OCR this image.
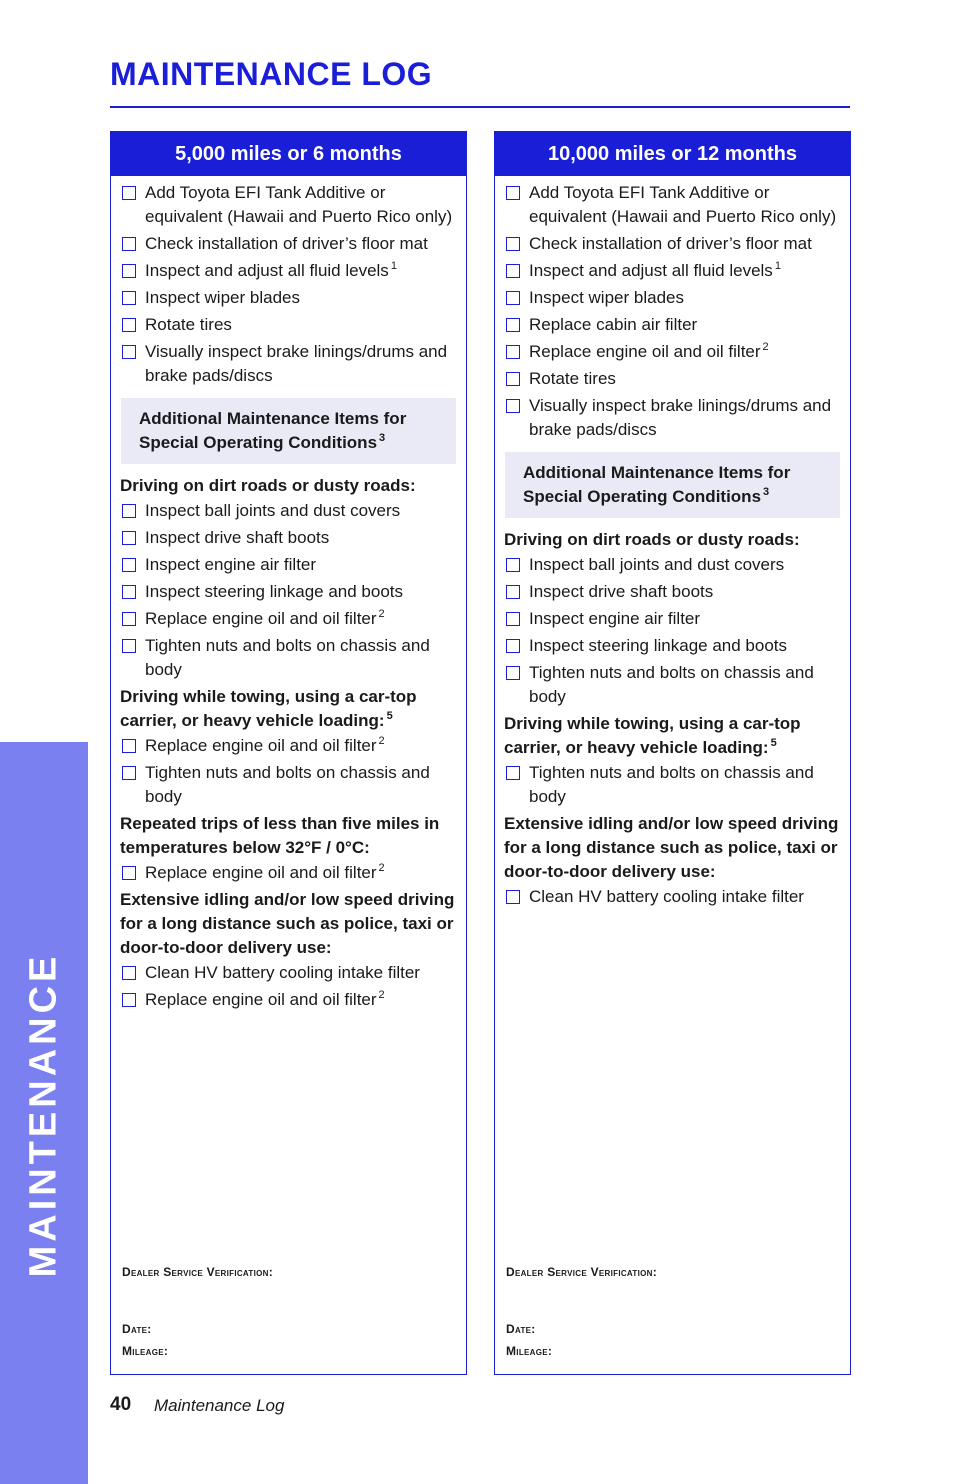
MAINTENANCE
MAINTENANCE LOG
5,000 miles or 6 months
Add Toyota EFI Tank Additive or equivalent (Hawaii and Puerto Rico only)
Check installation of driver’s floor mat
Inspect and adjust all fluid levels $^1$
Inspect wiper blades
Rotate tires
Visually inspect brake linings/drums and brake pads/discs
Additional Maintenance Items for Special Operating Conditions $^3$
Driving on dirt roads or dusty roads:
Inspect ball joints and dust covers
Inspect drive shaft boots
Inspect engine air filter
Inspect steering linkage and boots
Replace engine oil and oil filter $^2$
Tighten nuts and bolts on chassis and body
Driving while towing, using a car-top carrier, or heavy vehicle loading: $^5$
Replace engine oil and oil filter $^2$
Tighten nuts and bolts on chassis and body
Repeated trips of less than five miles in temperatures below 32°F / 0°C:
Replace engine oil and oil filter $^2$
Extensive idling and/or low speed driving for a long distance such as police, taxi or door-to-door delivery use:
Clean HV battery cooling intake filter
Replace engine oil and oil filter $^2$
Dealer Service Verification:
Date:
Mileage:
10,000 miles or 12 months
Add Toyota EFI Tank Additive or equivalent (Hawaii and Puerto Rico only)
Check installation of driver’s floor mat
Inspect and adjust all fluid levels $^1$
Inspect wiper blades
Replace cabin air filter
Replace engine oil and oil filter $^2$
Rotate tires
Visually inspect brake linings/drums and brake pads/discs
Additional Maintenance Items for Special Operating Conditions $^3$
Driving on dirt roads or dusty roads:
Inspect ball joints and dust covers
Inspect drive shaft boots
Inspect engine air filter
Inspect steering linkage and boots
Tighten nuts and bolts on chassis and body
Driving while towing, using a car-top carrier, or heavy vehicle loading: $^5$
Tighten nuts and bolts on chassis and body
Extensive idling and/or low speed driving for a long distance such as police, taxi or door-to-door delivery use:
Clean HV battery cooling intake filter
Dealer Service Verification:
Date:
Mileage:
40 Maintenance Log
